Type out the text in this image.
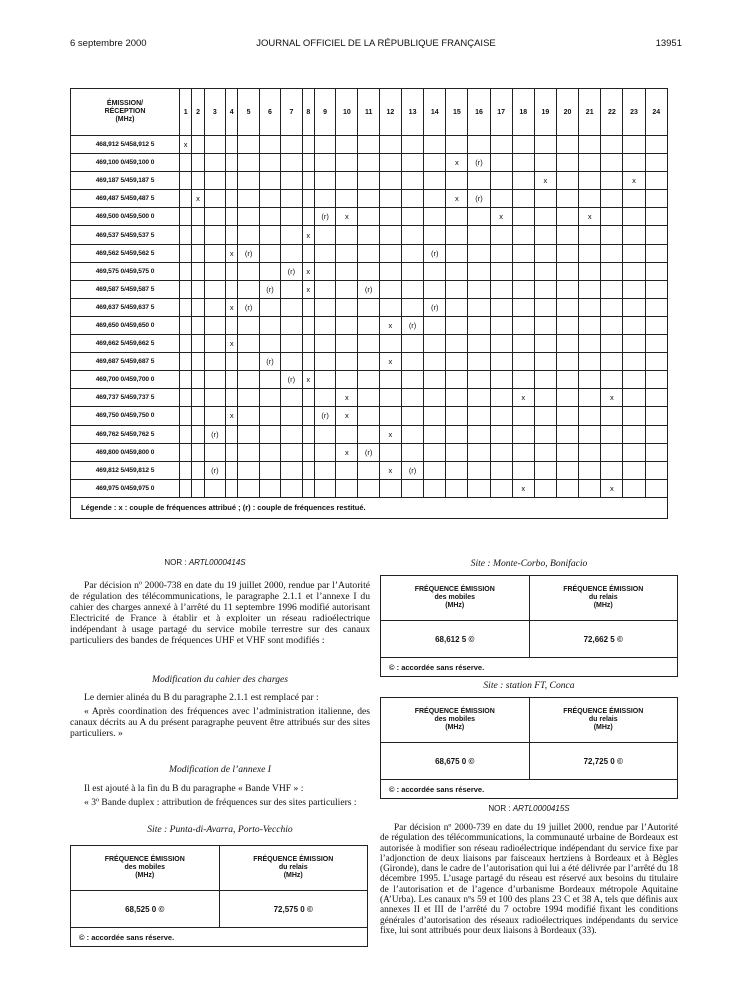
6 septembre 2000	JOURNAL OFFICIEL DE LA RÉPUBLIQUE FRANÇAISE	13951
ÉMISSION/
RÉCEPTION
(MHz)	1	2	3	4	5	6	7	8	9	10	11	12	13	14	15	16	17	18	19	20	21	22	23	24
468,912 5/458,912 5	x																							
469,100 0/459,100 0															x	(r)								
469,187 5/459,187 5																			x				x	
469,487 5/459,487 5		x													x	(r)								
469,500 0/459,500 0									(r)	x							x				x			
469,537 5/459,537 5								x																
469,562 5/459,562 5				x	(r)									(r)										
469,575 0/459,575 0							(r)	x																
469,587 5/459,587 5						(r)		x			(r)													
469,637 5/459,637 5				x	(r)									(r)										
469,650 0/459,650 0												x	(r)											
469,662 5/459,662 5				x																				
469,687 5/459,687 5						(r)						x												
469,700 0/459,700 0							(r)	x																
469,737 5/459,737 5										x								x				x		
469,750 0/459,750 0				x					(r)	x														
469,762 5/459,762 5			(r)									x												
469,800 0/459,800 0										x	(r)													
469,812 5/459,812 5			(r)									x	(r)											
469,975 0/459,975 0																		x				x		
Légende : x : couple de fréquences attribué ; (r) : couple de fréquences restitué.																								
NOR : ARTL0000414S

Par décision nº 2000-738 en date du 19 juillet 2000, rendue par l’Autorité de régulation des télécommunications, le paragraphe 2.1.1 et l’annexe I du cahier des charges annexé à l’arrêté du 11 septembre 1996 modifié autorisant Electricité de France à établir et à exploiter un réseau radioélectrique indépendant à usage partagé du service mobile terrestre sur des canaux particuliers des bandes de fréquences UHF et VHF sont modifiés :

Modification du cahier des charges

Le dernier alinéa du B du paragraphe 2.1.1 est remplacé par :

« Après coordination des fréquences avec l’administration italienne, des canaux décrits au A du présent paragraphe peuvent être attribués sur des sites particuliers. »

Modification de l’annexe I

Il est ajouté à la fin du B du paragraphe « Bande VHF » :

« 3º Bande duplex : attribution de fréquences sur des sites particuliers :

Site : Punta-di-Avarra, Porto-Vecchio
FRÉQUENCE ÉMISSION
des mobiles
(MHz)	FRÉQUENCE ÉMISSION
du relais
(MHz)
68,525 0 ©	72,575 0 ©
© : accordée sans réserve.	
Site : Monte-Corbo, Bonifacio
FRÉQUENCE ÉMISSION
des mobiles
(MHz)	FRÉQUENCE ÉMISSION
du relais
(MHz)
68,612 5 ©	72,662 5 ©
© : accordée sans réserve.	
Site : station FT, Conca
FRÉQUENCE ÉMISSION
des mobiles
(MHz)	FRÉQUENCE ÉMISSION
du relais
(MHz)
68,675 0 ©	72,725 0 ©
© : accordée sans réserve.	
NOR : ARTL0000415S

Par décision nº 2000-739 en date du 19 juillet 2000, rendue par l’Autorité de régulation des télécommunications, la communauté urbaine de Bordeaux est autorisée à modifier son réseau radioélectrique indépendant du service fixe par l’adjonction de deux liaisons par faisceaux hertziens à Bordeaux et à Bègles (Gironde), dans le cadre de l’autorisation qui lui a été délivrée par l’arrêté du 18 décembre 1995. L’usage partagé du réseau est réservé aux besoins du titulaire de l’autorisation et de l’agence d’urbanisme Bordeaux métropole Aquitaine (A’Urba). Les canaux nºs 59 et 100 des plans 23 C et 38 A, tels que définis aux annexes II et III de l’arrêté du 7 octobre 1994 modifié fixant les conditions générales d’autorisation des réseaux radioélectriques indépendants du service fixe, lui sont attribués pour deux liaisons à Bordeaux (33).
